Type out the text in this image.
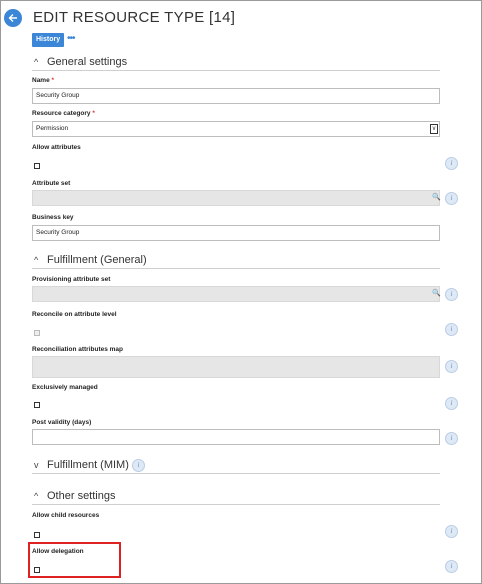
EDIT RESOURCE TYPE [14]
History •••
^ General settings
Name *
Security Group
Resource category *
Permission	v
Allow attributes
i
Attribute set
🔍	i
Business key
Security Group
^ Fulfillment (General)
Provisioning attribute set
🔍	i
Reconcile on attribute level
i
Reconciliation attributes map
i
Exclusively managed
i
Post validity (days)
i
v Fulfillment (MIM)	i
^ Other settings
Allow child resources
i
Allow delegation
i
